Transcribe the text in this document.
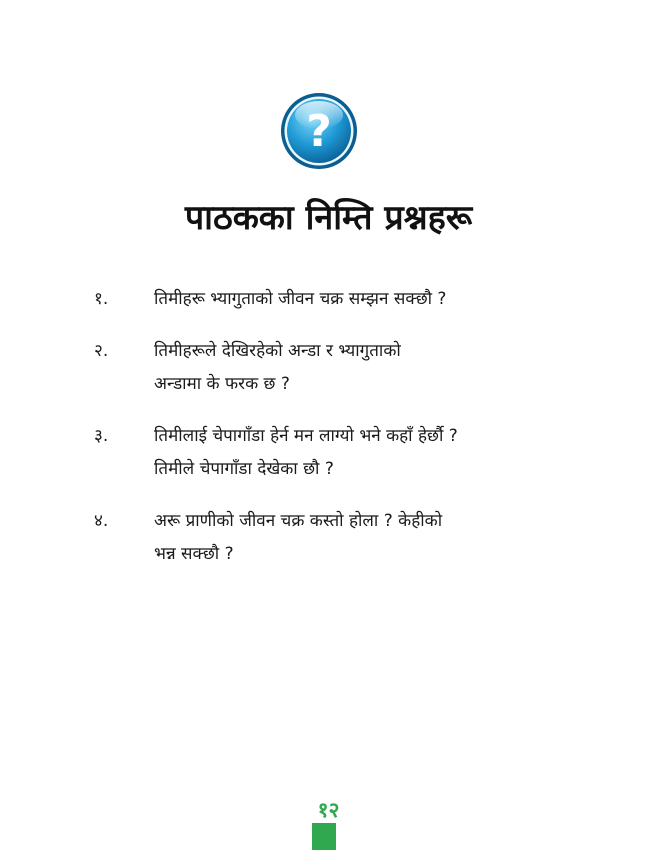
?
पाठकका निम्ति प्रश्नहरू
१.	तिमीहरू भ्यागुताको जीवन चक्र सम्झन सक्छौ ?
२.	तिमीहरूले देखिरहेको अन्डा र भ्यागुताको
अन्डामा के फरक छ ?
३.	तिमीलाई चेपागाँडा हेर्न मन लाग्यो भने कहाँ हेर्छौ ?
तिमीले चेपागाँडा देखेका छौ ?
४.	अरू प्राणीको जीवन चक्र कस्तो होला ? केहीको
भन्न सक्छौ ?
१२
